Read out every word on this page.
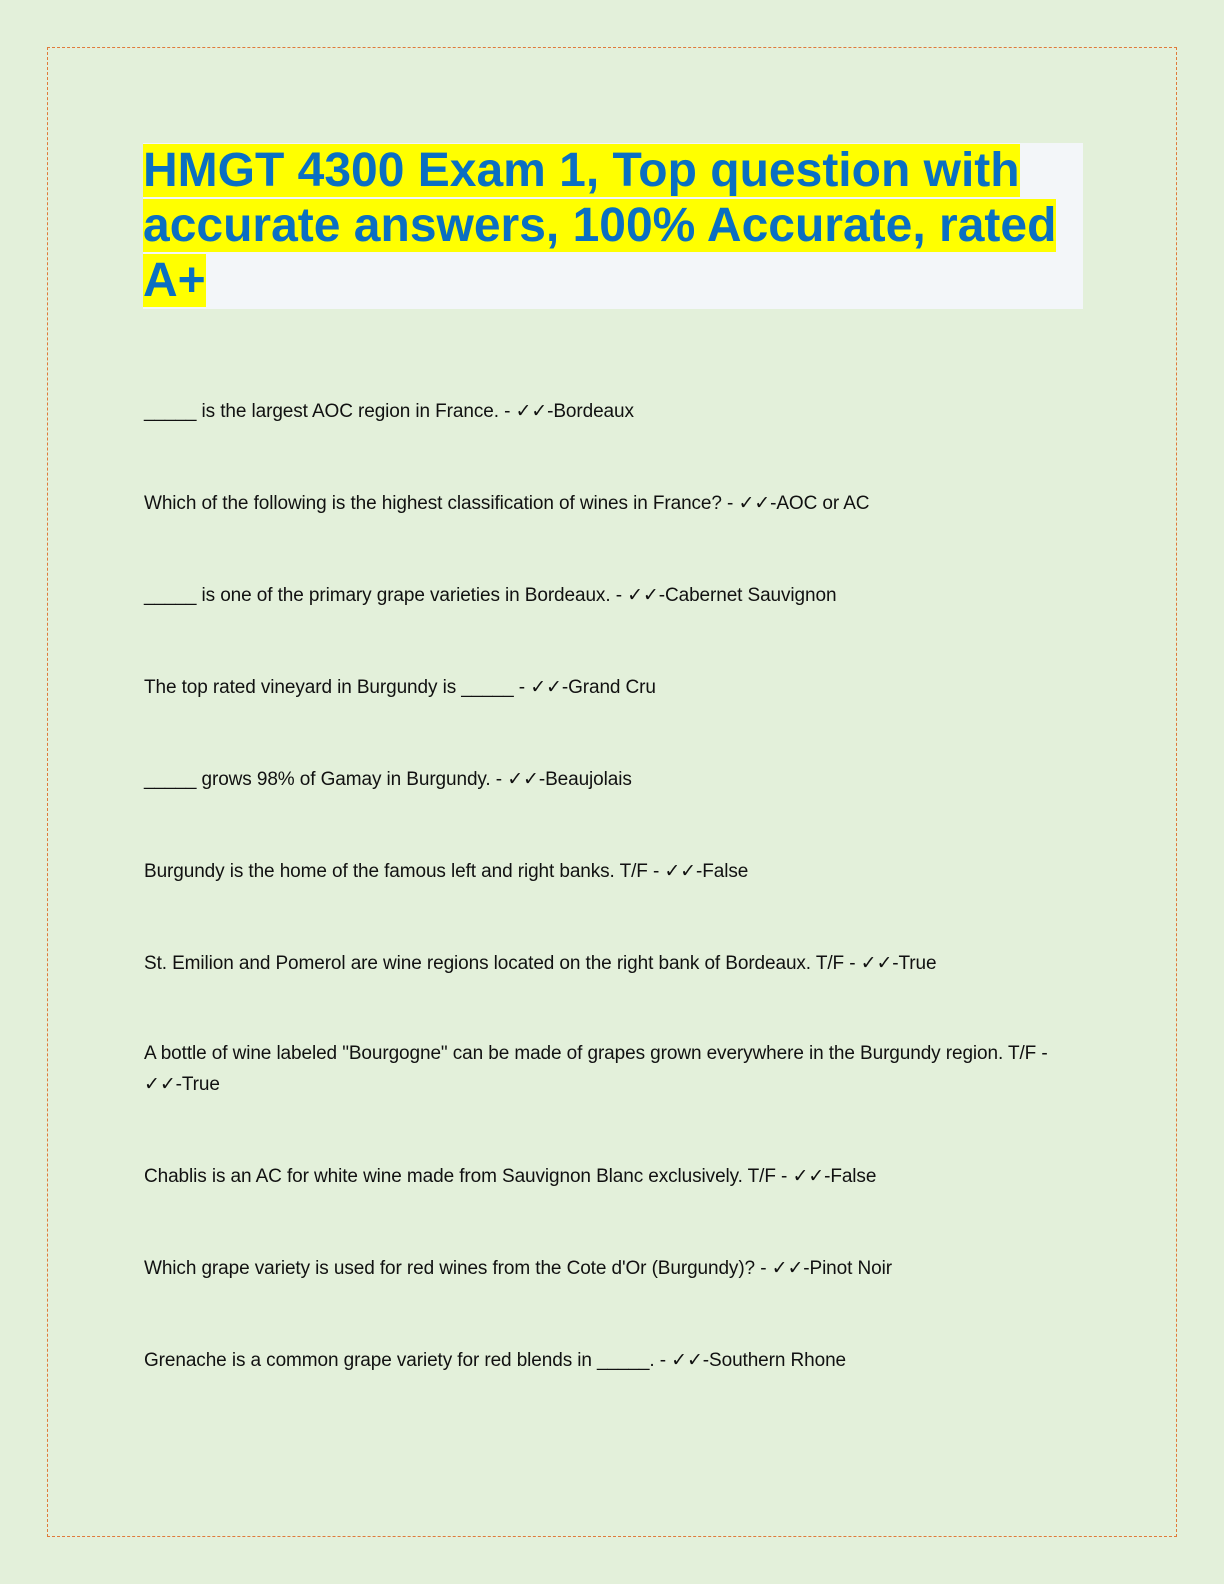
HMGT 4300 Exam 1, Top question with accurate answers, 100% Accurate, rated A+

_____ is the largest AOC region in France. - ✓✓-Bordeaux

Which of the following is the highest classification of wines in France? - ✓✓-AOC or AC

_____ is one of the primary grape varieties in Bordeaux. - ✓✓-Cabernet Sauvignon

The top rated vineyard in Burgundy is _____ - ✓✓-Grand Cru

_____ grows 98% of Gamay in Burgundy. - ✓✓-Beaujolais

Burgundy is the home of the famous left and right banks. T/F - ✓✓-False

St. Emilion and Pomerol are wine regions located on the right bank of Bordeaux. T/F - ✓✓-True

A bottle of wine labeled "Bourgogne" can be made of grapes grown everywhere in the Burgundy region. T/F - ✓✓-True

Chablis is an AC for white wine made from Sauvignon Blanc exclusively. T/F - ✓✓-False

Which grape variety is used for red wines from the Cote d'Or (Burgundy)? - ✓✓-Pinot Noir

Grenache is a common grape variety for red blends in _____. - ✓✓-Southern Rhone
